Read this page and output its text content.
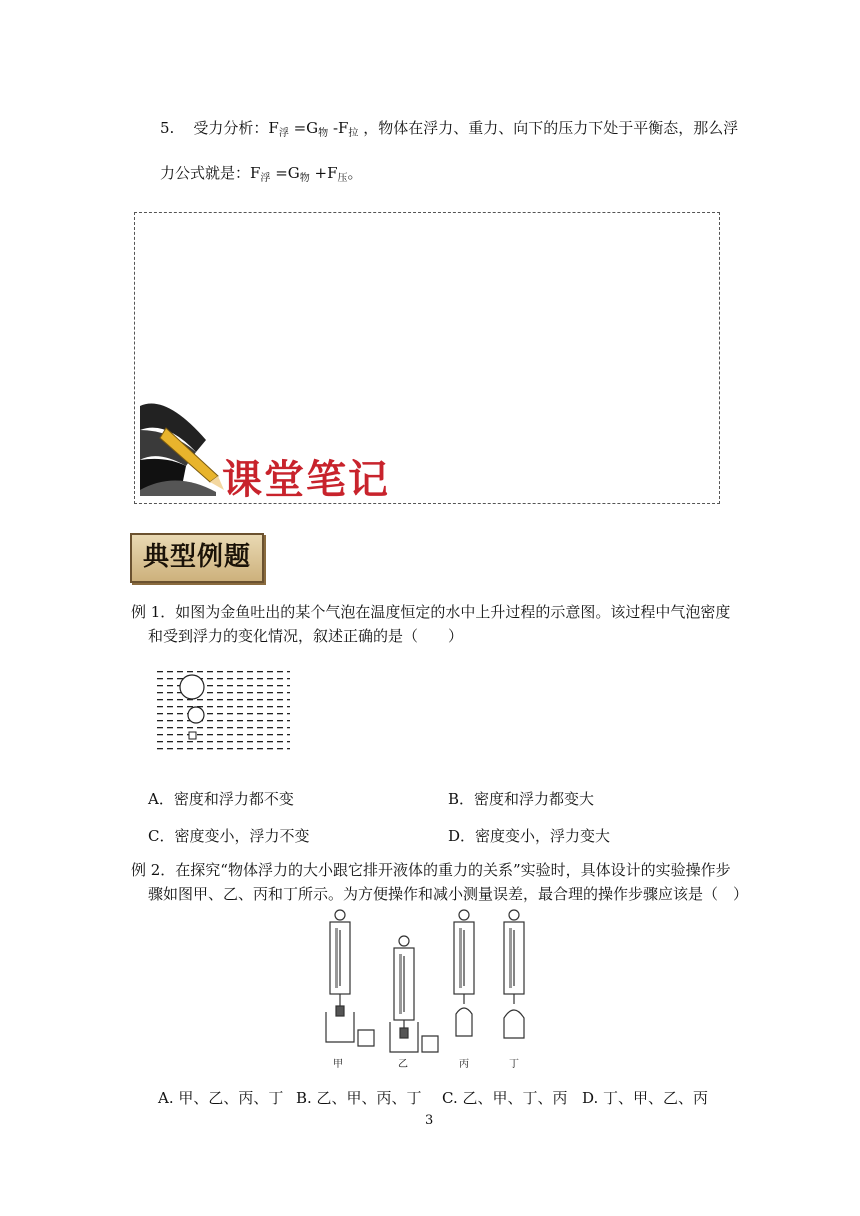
5. 受力分析：$F_浮 =G_物$ $-F_拉$ ，物体在浮力、重力、向下的压力下处于平衡态，那么浮
力公式就是：$F_浮 =G_物 +F_压$。
课堂笔记
典型例题
例 1．如图为金鱼吐出的某个气泡在温度恒定的水中上升过程的示意图。该过程中气泡密度
和受到浮力的变化情况，叙述正确的是（　　）
A．密度和浮力都不变	B．密度和浮力都变大
C．密度变小，浮力不变	D．密度变小，浮力变大
例 2．在探究“物体浮力的大小跟它排开液体的重力的关系”实验时，具体设计的实验操作步
骤如图甲、乙、丙和丁所示。为方便操作和减小测量误差，最合理的操作步骤应该是（　）
甲	乙	丙	丁
A. 甲、乙、丙、丁 B. 乙、甲、丙、丁 C. 乙、甲、丁、丙 D. 丁、甲、乙、丙
3
